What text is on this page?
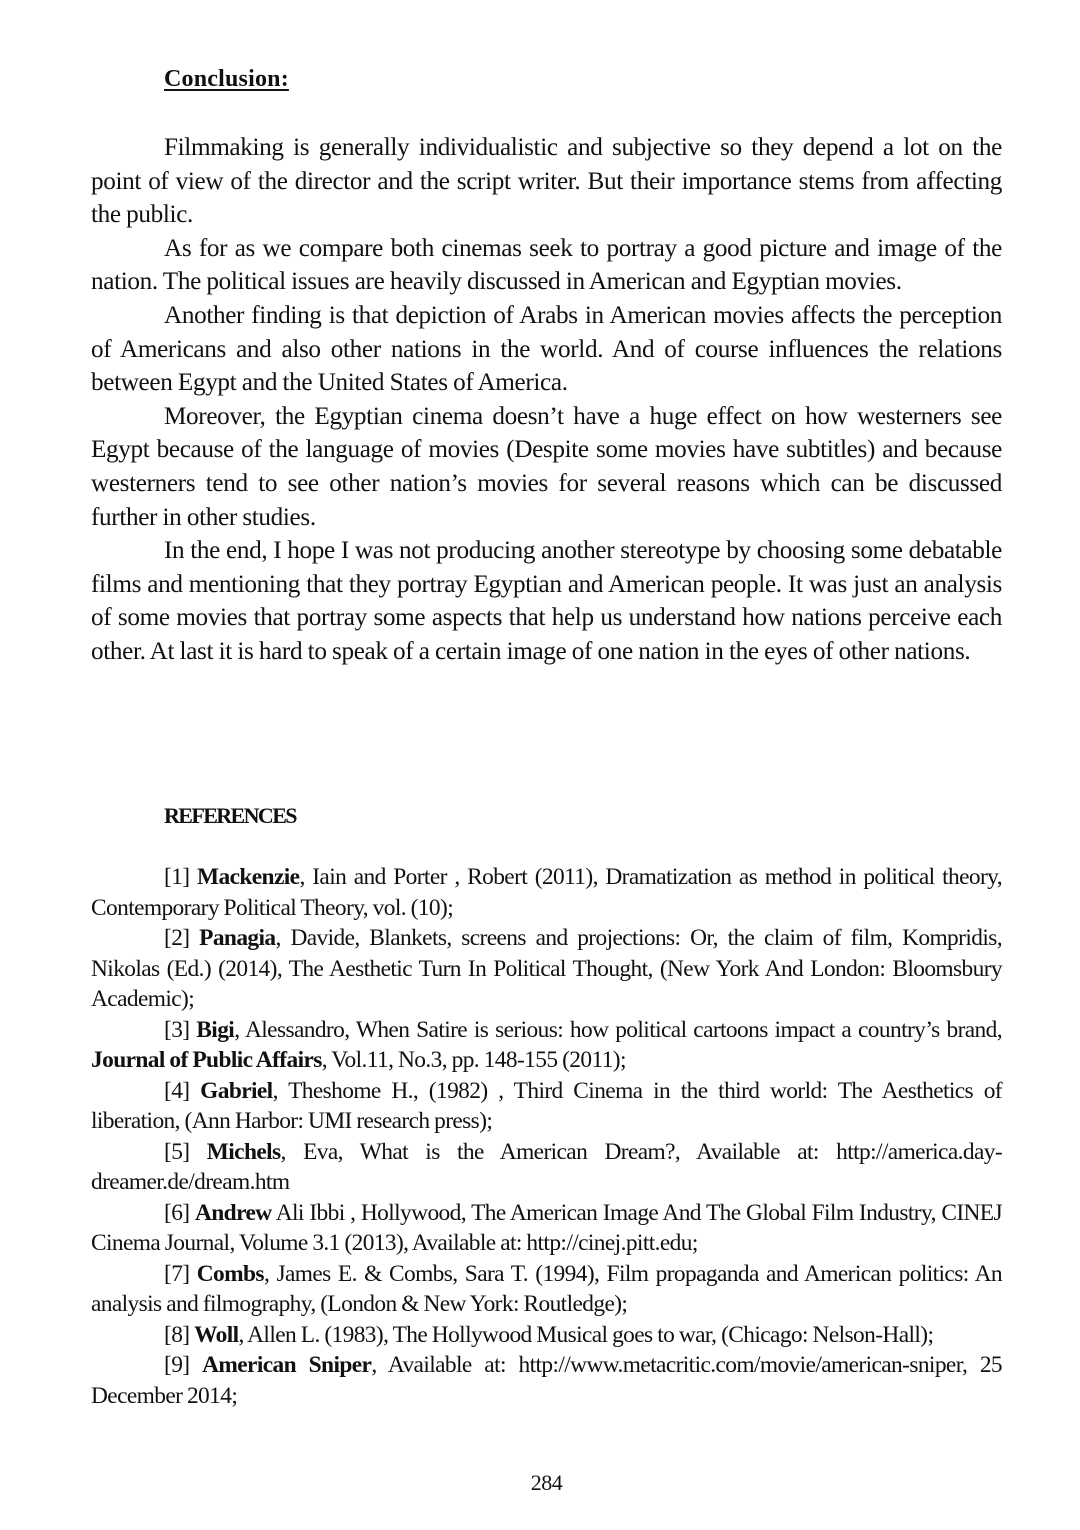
Conclusion:

Filmmaking is generally individualistic and subjective so they depend a lot on the point of view of the director and the script writer. But their importance stems from affecting the public.

As for as we compare both cinemas seek to portray a good picture and image of the nation. The political issues are heavily discussed in American and Egyptian movies.

Another finding is that depiction of Arabs in American movies affects the perception of Americans and also other nations in the world. And of course influences the relations between Egypt and the United States of America.

Moreover, the Egyptian cinema doesn’t have a huge effect on how westerners see Egypt because of the language of movies (Despite some movies have subtitles) and because westerners tend to see other nation’s movies for several reasons which can be discussed further in other studies.

In the end, I hope I was not producing another stereotype by choosing some debatable films and mentioning that they portray Egyptian and American people. It was just an analysis of some movies that portray some aspects that help us understand how nations perceive each other. At last it is hard to speak of a certain image of one nation in the eyes of other nations.

REFERENCES

[1] Mackenzie, Iain and Porter , Robert (2011), Dramatization as method in political theory, Contemporary Political Theory, vol. (10);

[2] Panagia, Davide, Blankets, screens and projections: Or, the claim of film, Kompridis, Nikolas (Ed.) (2014), The Aesthetic Turn In Political Thought, (New York And London: Bloomsbury Academic);

[3] Bigi, Alessandro, When Satire is serious: how political cartoons impact a country’s brand, Journal of Public Affairs, Vol.11, No.3, pp. 148-155 (2011);

[4] Gabriel, Theshome H., (1982) , Third Cinema in the third world: The Aesthetics of liberation, (Ann Harbor: UMI research press);

[5] Michels, Eva, What is the American Dream?, Available at: http://america.day-dreamer.de/dream.htm

[6] Andrew Ali Ibbi , Hollywood, The American Image And The Global Film Industry, CINEJ Cinema Journal, Volume 3.1 (2013), Available at: http://cinej.pitt.edu;

[7] Combs, James E. & Combs, Sara T. (1994), Film propaganda and American politics: An analysis and filmography, (London & New York: Routledge);

[8] Woll, Allen L. (1983), The Hollywood Musical goes to war, (Chicago: Nelson-Hall);

[9] American Sniper, Available at: http://www.metacritic.com/movie/american-sniper, 25 December 2014;

284
